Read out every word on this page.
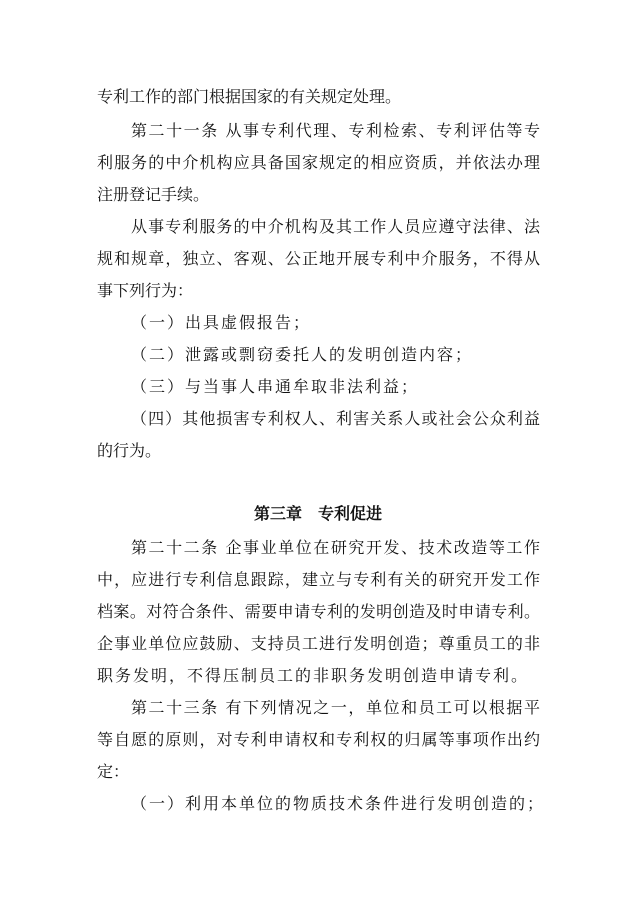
专利工作的部门根据国家的有关规定处理。
第二十一条 从事专利代理、专利检索、专利评估等专
利服务的中介机构应具备国家规定的相应资质，并依法办理
注册登记手续。
从事专利服务的中介机构及其工作人员应遵守法律、法
规和规章，独立、客观、公正地开展专利中介服务，不得从
事下列行为：
（一）出具虚假报告；
（二）泄露或剽窃委托人的发明创造内容；
（三）与当事人串通牟取非法利益；
（四）其他损害专利权人、利害关系人或社会公众利益
的行为。
第三章　专利促进
第二十二条 企事业单位在研究开发、技术改造等工作
中，应进行专利信息跟踪，建立与专利有关的研究开发工作
档案。对符合条件、需要申请专利的发明创造及时申请专利。
企事业单位应鼓励、支持员工进行发明创造；尊重员工的非
职务发明，不得压制员工的非职务发明创造申请专利。
第二十三条 有下列情况之一，单位和员工可以根据平
等自愿的原则，对专利申请权和专利权的归属等事项作出约
定：
（一）利用本单位的物质技术条件进行发明创造的；
